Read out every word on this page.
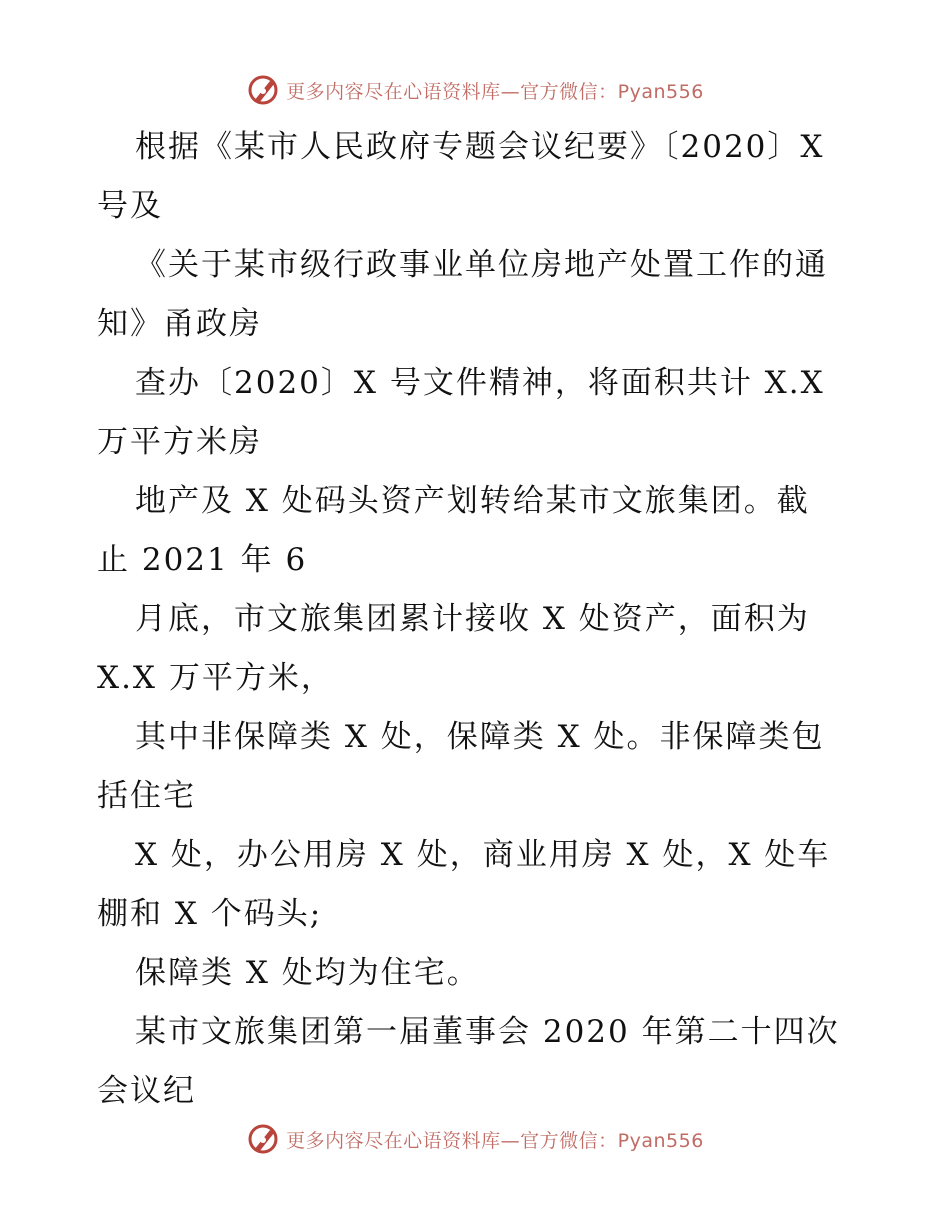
更多内容尽在心语资料库—官方微信：Pyan556
根据《某市人民政府专题会议纪要》〔2020〕X
号及
《关于某市级行政事业单位房地产处置工作的通
知》甬政房
查办〔2020〕X 号文件精神，将面积共计 X.X
万平方米房
地产及 X 处码头资产划转给某市文旅集团。截
止 2021 年 6
月底，市文旅集团累计接收 X 处资产，面积为
X.X 万平方米，
其中非保障类 X 处，保障类 X 处。非保障类包
括住宅
X 处，办公用房 X 处，商业用房 X 处，X 处车
棚和 X 个码头;
保障类 X 处均为住宅。
某市文旅集团第一届董事会 2020 年第二十四次
会议纪
更多内容尽在心语资料库—官方微信：Pyan556
